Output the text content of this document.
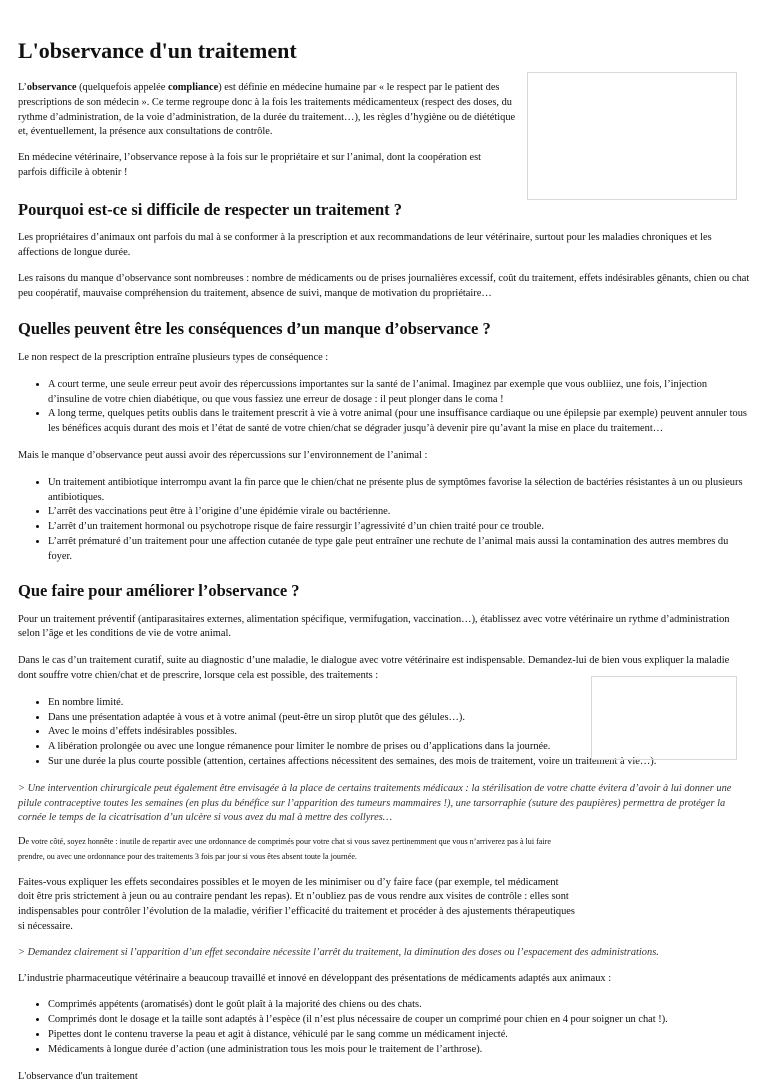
L'observance d'un traitement

L’observance (quelquefois appelée compliance) est définie en médecine humaine par « le respect par le patient des prescriptions de son médecin ». Ce terme regroupe donc à la fois les traitements médicamenteux (respect des doses, du rythme d’administration, de la voie d’administration, de la durée du traitement…), les règles d’hygiène ou de diététique et, éventuellement, la présence aux consultations de contrôle.

En médecine vétérinaire, l’observance repose à la fois sur le propriétaire et sur l’animal, dont la coopération est parfois difficile à obtenir !

Pourquoi est-ce si difficile de respecter un traitement ?

Les propriétaires d’animaux ont parfois du mal à se conformer à la prescription et aux recommandations de leur vétérinaire, surtout pour les maladies chroniques et les affections de longue durée.

Les raisons du manque d’observance sont nombreuses : nombre de médicaments ou de prises journalières excessif, coût du traitement, effets indésirables gênants, chien ou chat peu coopératif, mauvaise compréhension du traitement, absence de suivi, manque de motivation du propriétaire…

Quelles peuvent être les conséquences d’un manque d’observance ?

Le non respect de la prescription entraîne plusieurs types de conséquence :

• A court terme, une seule erreur peut avoir des répercussions importantes sur la santé de l’animal. Imaginez par exemple que vous oubliiez, une fois, l’injection d’insuline de votre chien diabétique, ou que vous fassiez une erreur de dosage : il peut plonger dans le coma !
• A long terme, quelques petits oublis dans le traitement prescrit à vie à votre animal (pour une insuffisance cardiaque ou une épilepsie par exemple) peuvent annuler tous les bénéfices acquis durant des mois et l’état de santé de votre chien/chat se dégrader jusqu’à devenir pire qu’avant la mise en place du traitement…

Mais le manque d’observance peut aussi avoir des répercussions sur l’environnement de l’animal :

• Un traitement antibiotique interrompu avant la fin parce que le chien/chat ne présente plus de symptômes favorise la sélection de bactéries résistantes à un ou plusieurs antibiotiques.
• L’arrêt des vaccinations peut être à l’origine d’une épidémie virale ou bactérienne.
• L’arrêt d’un traitement hormonal ou psychotrope risque de faire ressurgir l’agressivité d’un chien traité pour ce trouble.
• L’arrêt prématuré d’un traitement pour une affection cutanée de type gale peut entraîner une rechute de l’animal mais aussi la contamination des autres membres du foyer.
Que faire pour améliorer l’observance ?

Pour un traitement préventif (antiparasitaires externes, alimentation spécifique, vermifugation, vaccination…), établissez avec votre vétérinaire un rythme d’administration selon l’âge et les conditions de vie de votre animal.

Dans le cas d’un traitement curatif, suite au diagnostic d’une maladie, le dialogue avec votre vétérinaire est indispensable. Demandez-lui de bien vous expliquer la maladie dont souffre votre chien/chat et de prescrire, lorsque cela est possible, des traitements :

• En nombre limité.
• Dans une présentation adaptée à vous et à votre animal (peut-être un sirop plutôt que des gélules…).
• Avec le moins d’effets indésirables possibles.
• A libération prolongée ou avec une longue rémanence pour limiter le nombre de prises ou d’applications dans la journée.
• Sur une durée la plus courte possible (attention, certaines affections nécessitent des semaines, des mois de traitement, voire un traitement à vie…).

> Une intervention chirurgicale peut également être envisagée à la place de certains traitements médicaux : la stérilisation de votre chatte évitera d’avoir à lui donner une pilule contraceptive toutes les semaines (en plus du bénéfice sur l’apparition des tumeurs mammaires !), une tarsorraphie (suture des paupières) permettra de protéger la cornée le temps de la cicatrisation d’un ulcère si vous avez du mal à mettre des collyres…

De votre côté, soyez honnête : inutile de repartir avec une ordonnance de comprimés pour votre chat si vous savez pertinemment que vous n’arriverez pas à lui faire prendre, ou avec une ordonnance pour des traitements 3 fois par jour si vous êtes absent toute la journée.

Faites-vous expliquer les effets secondaires possibles et le moyen de les minimiser ou d’y faire face (par exemple, tel médicament doit être pris strictement à jeun ou au contraire pendant les repas). Et n’oubliez pas de vous rendre aux visites de contrôle : elles sont indispensables pour contrôler l’évolution de la maladie, vérifier l’efficacité du traitement et procéder à des ajustements thérapeutiques si nécessaire.

> Demandez clairement si l’apparition d’un effet secondaire nécessite l’arrêt du traitement, la diminution des doses ou l’espacement des administrations.

L’industrie pharmaceutique vétérinaire a beaucoup travaillé et innové en développant des présentations de médicaments adaptés aux animaux :

• Comprimés appétents (aromatisés) dont le goût plaît à la majorité des chiens ou des chats.
• Comprimés dont le dosage et la taille sont adaptés à l’espèce (il n’est plus nécessaire de couper un comprimé pour chien en 4 pour soigner un chat !).
• Pipettes dont le contenu traverse la peau et agit à distance, véhiculé par le sang comme un médicament injecté.
• Médicaments à longue durée d’action (une administration tous les mois pour le traitement de l’arthrose).

L'observance d'un traitement
